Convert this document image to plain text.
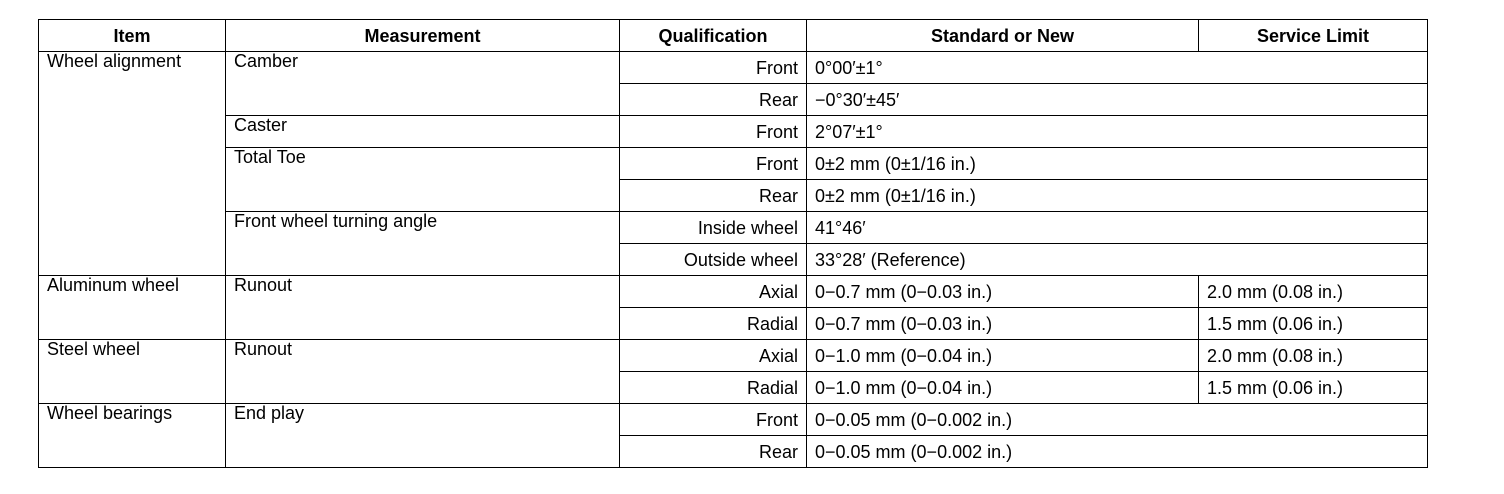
Item	Measurement	Qualification	Standard or New	Service Limit
Wheel alignment	Camber	Front	0°00′±1°	
		Rear	−0°30′±45′	
	Caster	Front	2°07′±1°	
	Total Toe	Front	0±2 mm (0±1/16 in.)	
		Rear	0±2 mm (0±1/16 in.)	
	Front wheel turning angle	Inside wheel	41°46′	
		Outside wheel	33°28′ (Reference)	
Aluminum wheel	Runout	Axial	0−0.7 mm (0−0.03 in.)	2.0 mm (0.08 in.)
		Radial	0−0.7 mm (0−0.03 in.)	1.5 mm (0.06 in.)
Steel wheel	Runout	Axial	0−1.0 mm (0−0.04 in.)	2.0 mm (0.08 in.)
		Radial	0−1.0 mm (0−0.04 in.)	1.5 mm (0.06 in.)
Wheel bearings	End play	Front	0−0.05 mm (0−0.002 in.)	
		Rear	0−0.05 mm (0−0.002 in.)	
